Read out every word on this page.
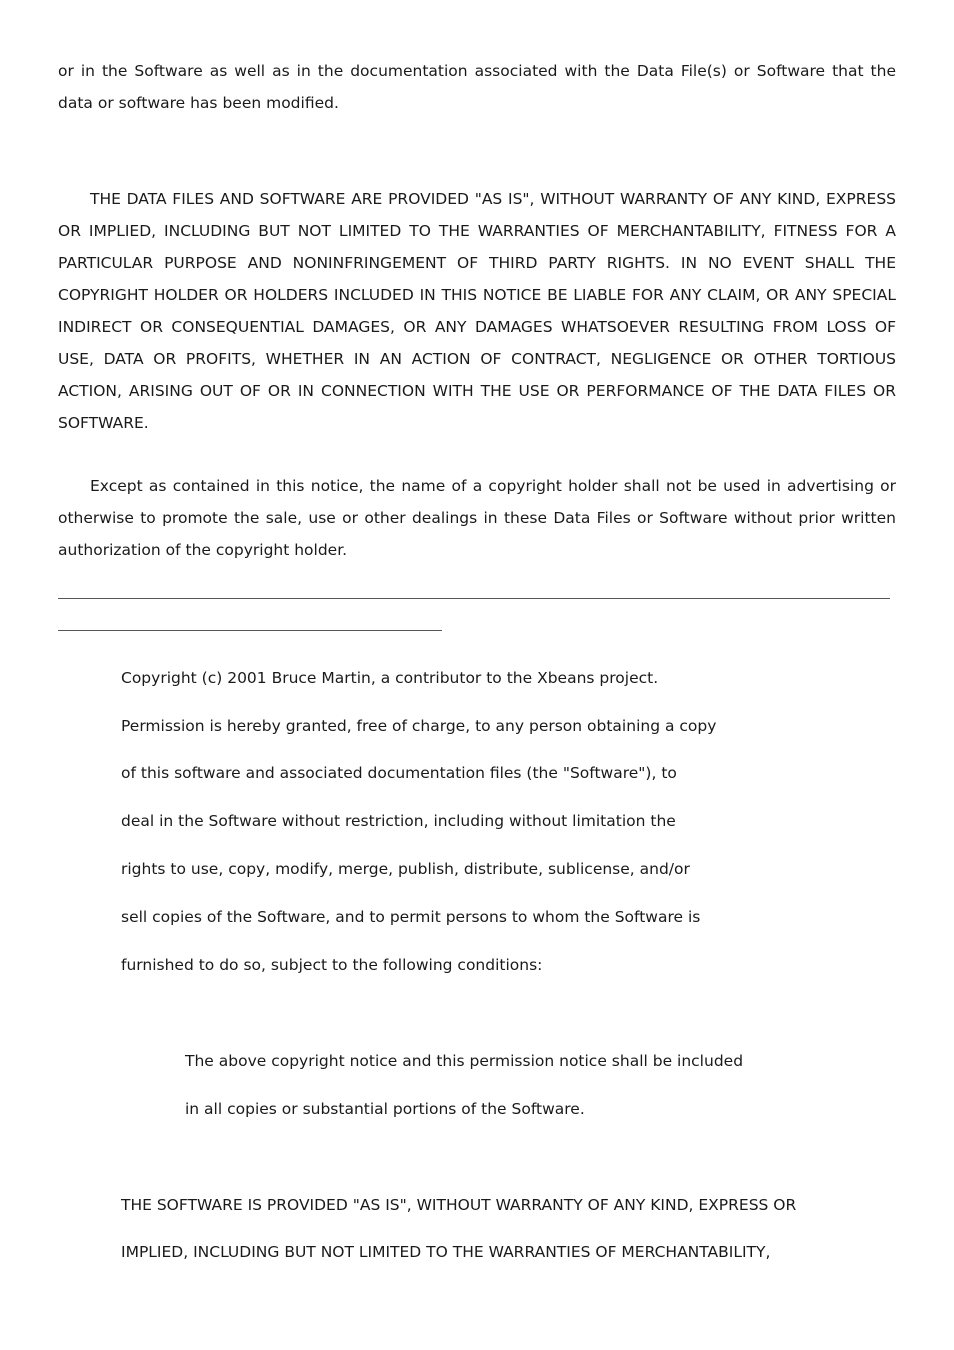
or in the Software as well as in the documentation associated with the Data File(s) or Software that the data or software has been modified.

THE DATA FILES AND SOFTWARE ARE PROVIDED "AS IS", WITHOUT WARRANTY OF ANY KIND, EXPRESS OR IMPLIED, INCLUDING BUT NOT LIMITED TO THE WARRANTIES OF MERCHANTABILITY, FITNESS FOR A PARTICULAR PURPOSE AND NONINFRINGEMENT OF THIRD PARTY RIGHTS. IN NO EVENT SHALL THE COPYRIGHT HOLDER OR HOLDERS INCLUDED IN THIS NOTICE BE LIABLE FOR ANY CLAIM, OR ANY SPECIAL INDIRECT OR CONSEQUENTIAL DAMAGES, OR ANY DAMAGES WHATSOEVER RESULTING FROM LOSS OF USE, DATA OR PROFITS, WHETHER IN AN ACTION OF CONTRACT, NEGLIGENCE OR OTHER TORTIOUS ACTION, ARISING OUT OF OR IN CONNECTION WITH THE USE OR PERFORMANCE OF THE DATA FILES OR SOFTWARE.

Except as contained in this notice, the name of a copyright holder shall not be used in advertising or otherwise to promote the sale, use or other dealings in these Data Files or Software without prior written authorization of the copyright holder.

Copyright (c) 2001 Bruce Martin, a contributor to the Xbeans project.

Permission is hereby granted, free of charge, to any person obtaining a copy

of this software and associated documentation files (the "Software"), to

deal in the Software without restriction, including without limitation the

rights to use, copy, modify, merge, publish, distribute, sublicense, and/or

sell copies of the Software, and to permit persons to whom the Software is

furnished to do so, subject to the following conditions:

The above copyright notice and this permission notice shall be included

in all copies or substantial portions of the Software.

THE SOFTWARE IS PROVIDED "AS IS", WITHOUT WARRANTY OF ANY KIND, EXPRESS OR

IMPLIED, INCLUDING BUT NOT LIMITED TO THE WARRANTIES OF MERCHANTABILITY,
